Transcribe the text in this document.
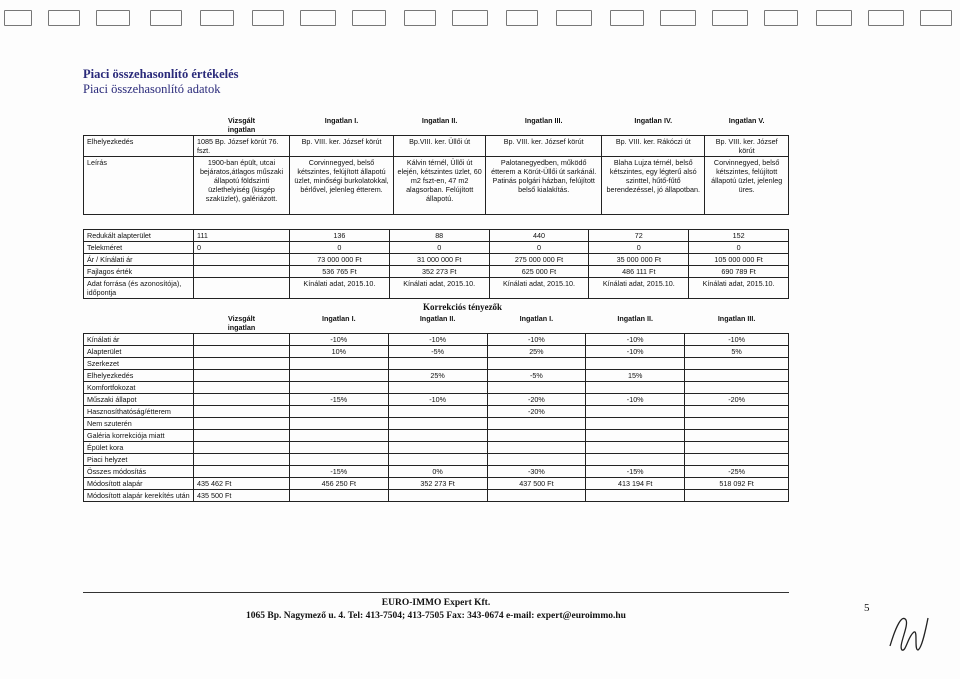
Piaci összehasonlító értékelés
Piaci összehasonlító adatok
	Vizsgált
ingatlan	Ingatlan I.	Ingatlan II.	Ingatlan III.	Ingatlan IV.	Ingatlan V.
Elhelyezkedés	1085 Bp. József körút 76. fszt.	Bp. VIII. ker. József körút	Bp.VIII. ker. Üllői út	Bp. VIII. ker. József körút	Bp. VIII. ker. Rákóczi út	Bp. VIII. ker. József körút
Leírás	1900-ban épült, utcai bejáratos,átlagos műszaki állapotú földszinti üzlethelyiség (kisgép szaküzlet), galériázott.	Corvinnegyed, belső kétszintes, felújított állapotú üzlet, minőségi burkolatokkal, bérlővel, jelenleg étterem.	Kálvin térnél, Üllői út elején, kétszintes üzlet, 60 m2 fszt-en, 47 m2 alagsorban. Felújított állapotú.	Palotanegyedben, működő étterem a Körút-Üllői út sarkánál. Patinás polgári házban, felújított belső kialakítás.	Blaha Lujza térnél, belső kétszintes, egy légterű alsó szinttel, hűtő-fűtő berendezéssel, jó állapotban.	Corvinnegyed, belső kétszintes, felújított állapotú üzlet, jelenleg üres.
Redukált alapterület	111	136	88	440	72	152
Telekméret	0	0	0	0	0	0
Ár / Kínálati ár		73 000 000 Ft	31 000 000 Ft	275 000 000 Ft	35 000 000 Ft	105 000 000 Ft
Fajlagos érték		536 765 Ft	352 273 Ft	625 000 Ft	486 111 Ft	690 789 Ft
Adat forrása (és azonosítója), időpontja		Kínálati adat, 2015.10.	Kínálati adat, 2015.10.	Kínálati adat, 2015.10.	Kínálati adat, 2015.10.	Kínálati adat, 2015.10.
Korrekciós tényezők
	Vizsgált
ingatlan	Ingatlan I.	Ingatlan II.	Ingatlan I.	Ingatlan II.	Ingatlan III.
Kínálati ár		-10%	-10%	-10%	-10%	-10%
Alapterület		10%	-5%	25%	-10%	5%
Szerkezet						
Elhelyezkedés			25%	-5%	15%	
Komfortfokozat						
Műszaki állapot		-15%	-10%	-20%	-10%	-20%
Hasznosíthatóság/étterem				-20%		
Nem szuterén						
Galéria korrekciója miatt						
Épület kora						
Piaci helyzet						
Összes módosítás		-15%	0%	-30%	-15%	-25%
Módosított alapár	435 462 Ft	456 250 Ft	352 273 Ft	437 500 Ft	413 194 Ft	518 092 Ft
Módosított alapár kerekítés után	435 500 Ft					
EURO-IMMO Expert Kft.
1065 Bp. Nagymező u. 4. Tel: 413-7504; 413-7505 Fax: 343-0674 e-mail: expert@euroimmo.hu
5
